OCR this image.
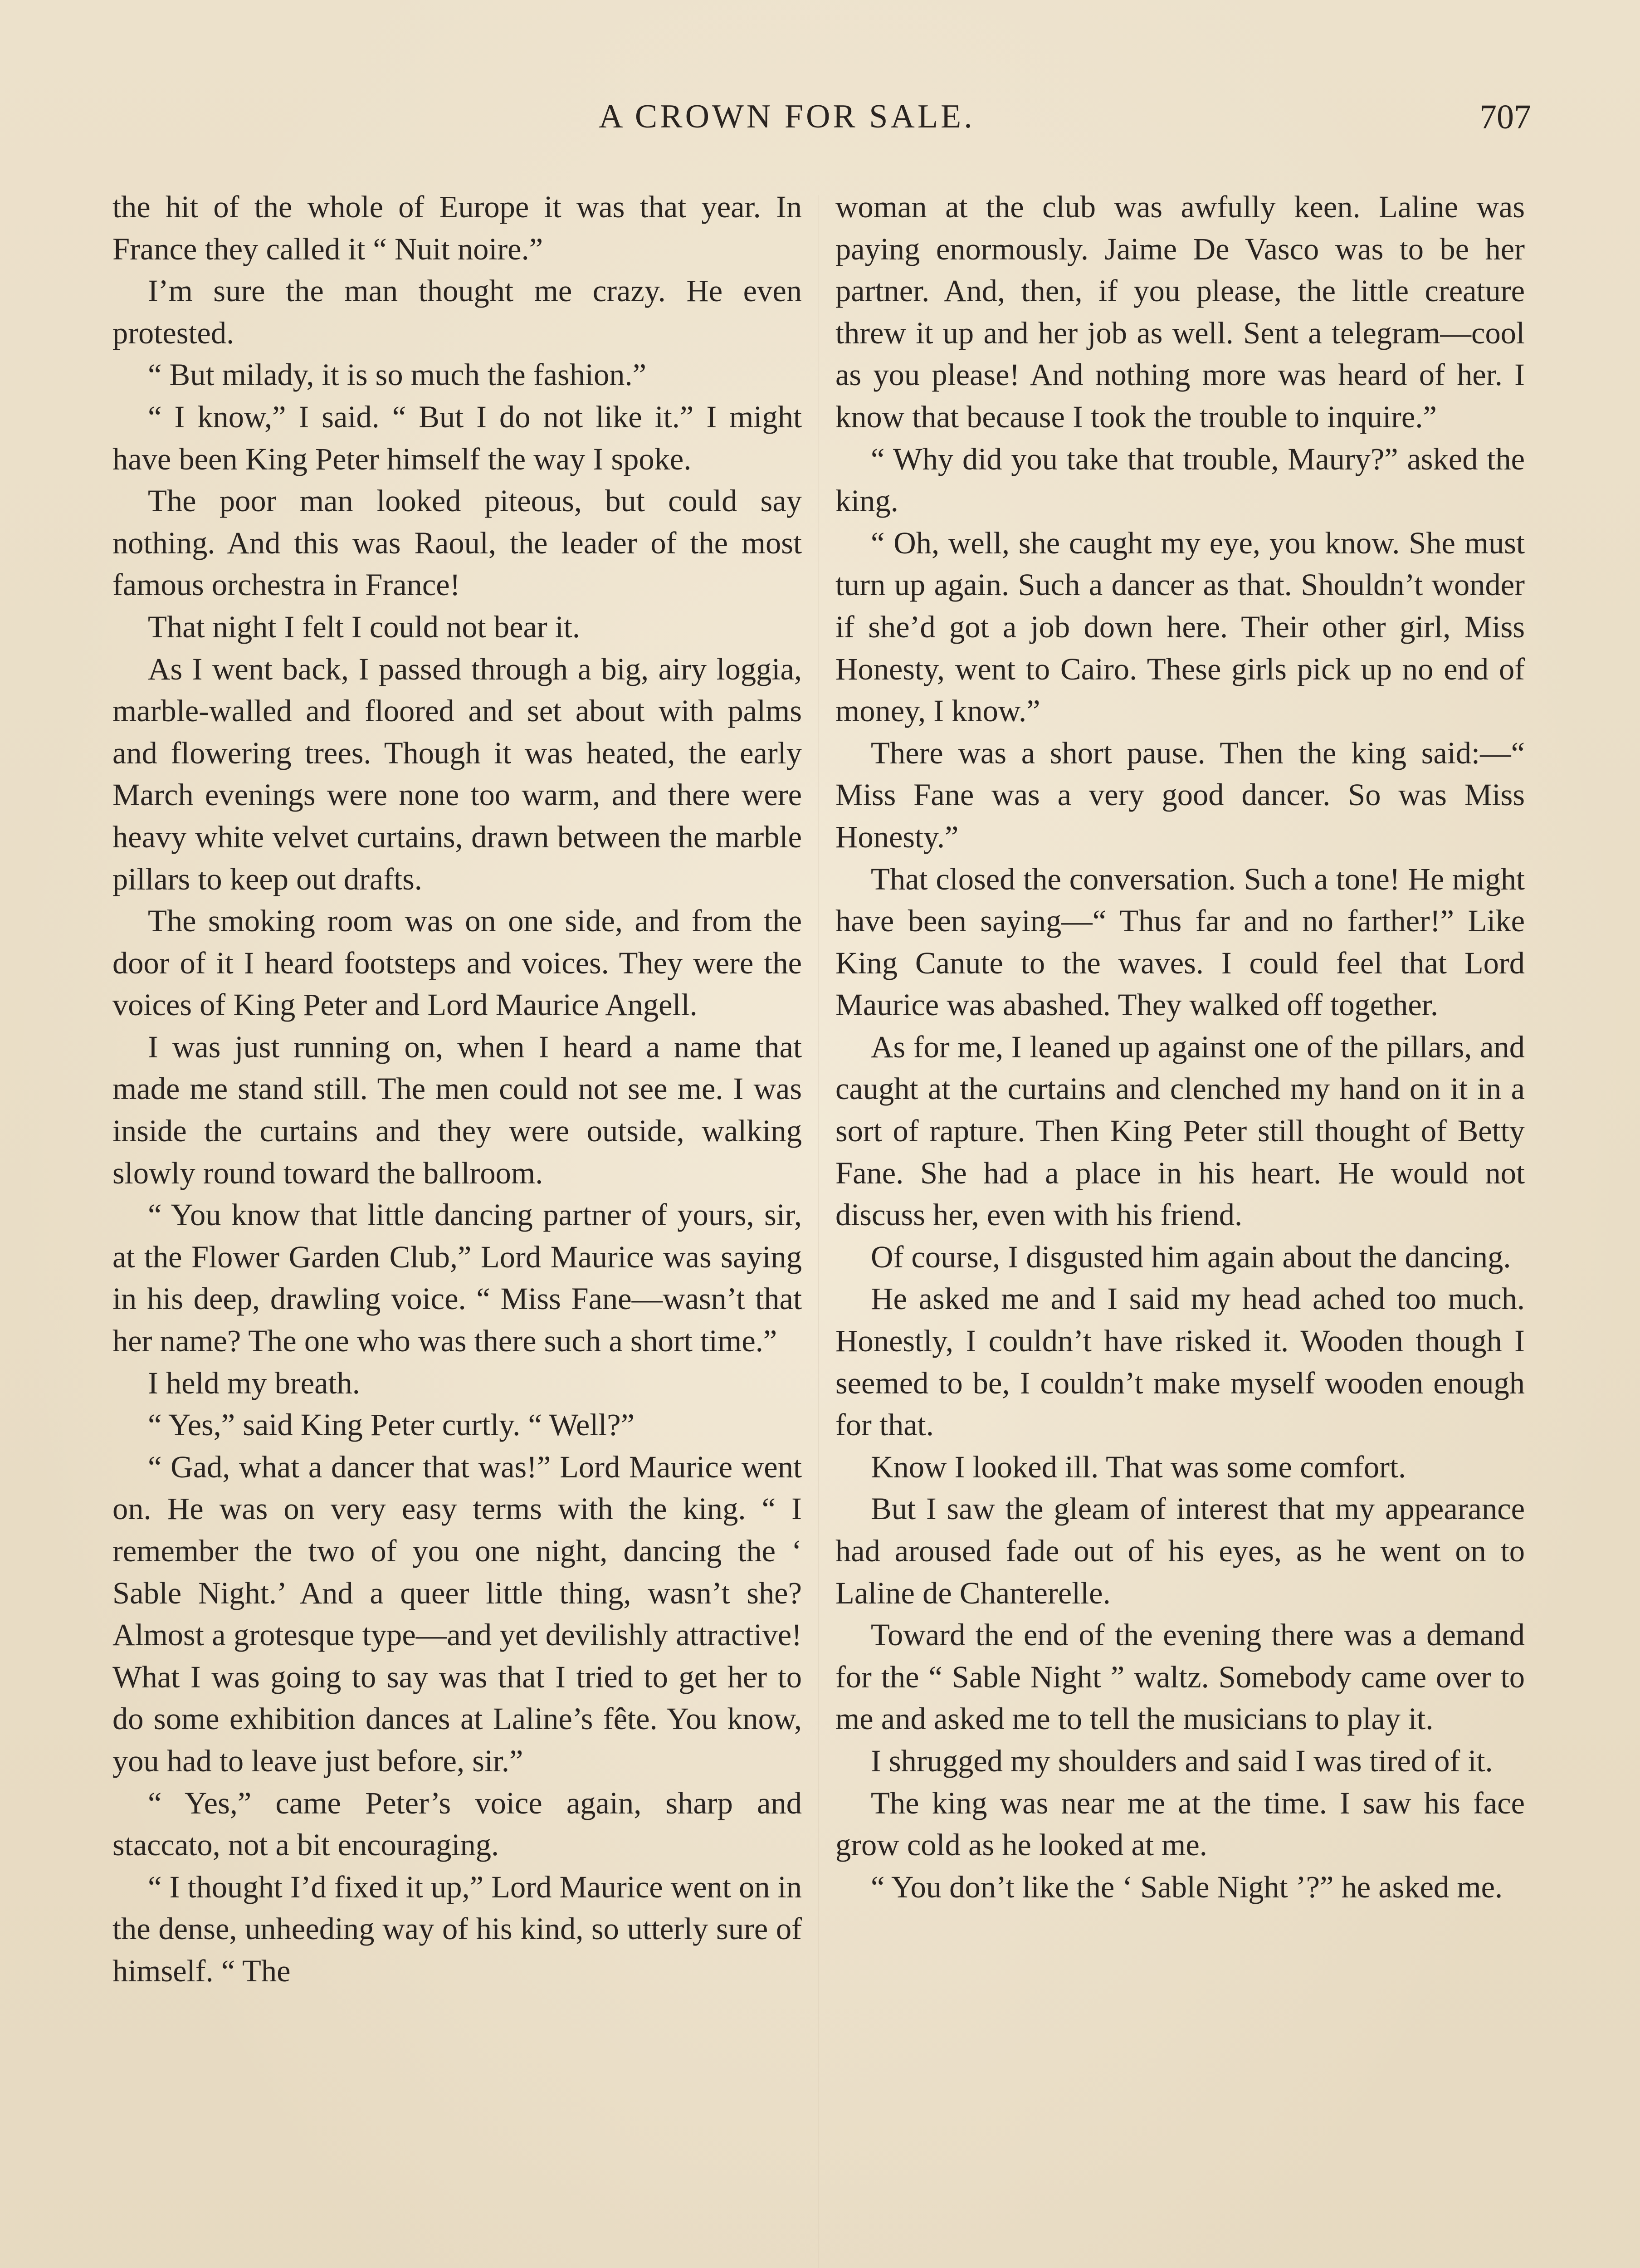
A CROWN FOR SALE.	707

the hit of the whole of Europe it was that year. In France they called it “ Nuit noire.”

I’m sure the man thought me crazy. He even protested.

“ But milady, it is so much the fashion.”

“ I know,” I said. “ But I do not like it.” I might have been King Peter himself the way I spoke.

The poor man looked piteous, but could say nothing. And this was Raoul, the leader of the most famous orchestra in France!

That night I felt I could not bear it.

As I went back, I passed through a big, airy loggia, marble-walled and floored and set about with palms and flowering trees. Though it was heated, the early March evenings were none too warm, and there were heavy white velvet curtains, drawn between the marble pillars to keep out drafts.

The smoking room was on one side, and from the door of it I heard footsteps and voices. They were the voices of King Peter and Lord Maurice Angell.

I was just running on, when I heard a name that made me stand still. The men could not see me. I was inside the curtains and they were outside, walking slowly round toward the ballroom.

“ You know that little dancing partner of yours, sir, at the Flower Garden Club,” Lord Maurice was saying in his deep, drawling voice. “ Miss Fane—wasn’t that her name? The one who was there such a short time.”

I held my breath.

“ Yes,” said King Peter curtly. “ Well?”

“ Gad, what a dancer that was!” Lord Maurice went on. He was on very easy terms with the king. “ I remember the two of you one night, dancing the ‘ Sable Night.’ And a queer little thing, wasn’t she? Almost a grotesque type—and yet devilishly attractive! What I was going to say was that I tried to get her to do some exhibition dances at Laline’s fête. You know, you had to leave just before, sir.”

“ Yes,” came Peter’s voice again, sharp and staccato, not a bit encouraging.

“ I thought I’d fixed it up,” Lord Maurice went on in the dense, unheeding way of his kind, so utterly sure of himself. “ The

woman at the club was awfully keen. Laline was paying enormously. Jaime De Vasco was to be her partner. And, then, if you please, the little creature threw it up and her job as well. Sent a telegram—cool as you please! And nothing more was heard of her. I know that because I took the trouble to inquire.”

“ Why did you take that trouble, Maury?” asked the king.

“ Oh, well, she caught my eye, you know. She must turn up again. Such a dancer as that. Shouldn’t wonder if she’d got a job down here. Their other girl, Miss Honesty, went to Cairo. These girls pick up no end of money, I know.”

There was a short pause. Then the king said:—“ Miss Fane was a very good dancer. So was Miss Honesty.”

That closed the conversation. Such a tone! He might have been saying—“ Thus far and no farther!” Like King Canute to the waves. I could feel that Lord Maurice was abashed. They walked off together.

As for me, I leaned up against one of the pillars, and caught at the curtains and clenched my hand on it in a sort of rapture. Then King Peter still thought of Betty Fane. She had a place in his heart. He would not discuss her, even with his friend.

Of course, I disgusted him again about the dancing.

He asked me and I said my head ached too much. Honestly, I couldn’t have risked it. Wooden though I seemed to be, I couldn’t make myself wooden enough for that.

Know I looked ill. That was some comfort.

But I saw the gleam of interest that my appearance had aroused fade out of his eyes, as he went on to Laline de Chanterelle.

Toward the end of the evening there was a demand for the “ Sable Night ” waltz. Somebody came over to me and asked me to tell the musicians to play it.

I shrugged my shoulders and said I was tired of it.

The king was near me at the time. I saw his face grow cold as he looked at me.

“ You don’t like the ‘ Sable Night ’?” he asked me.
